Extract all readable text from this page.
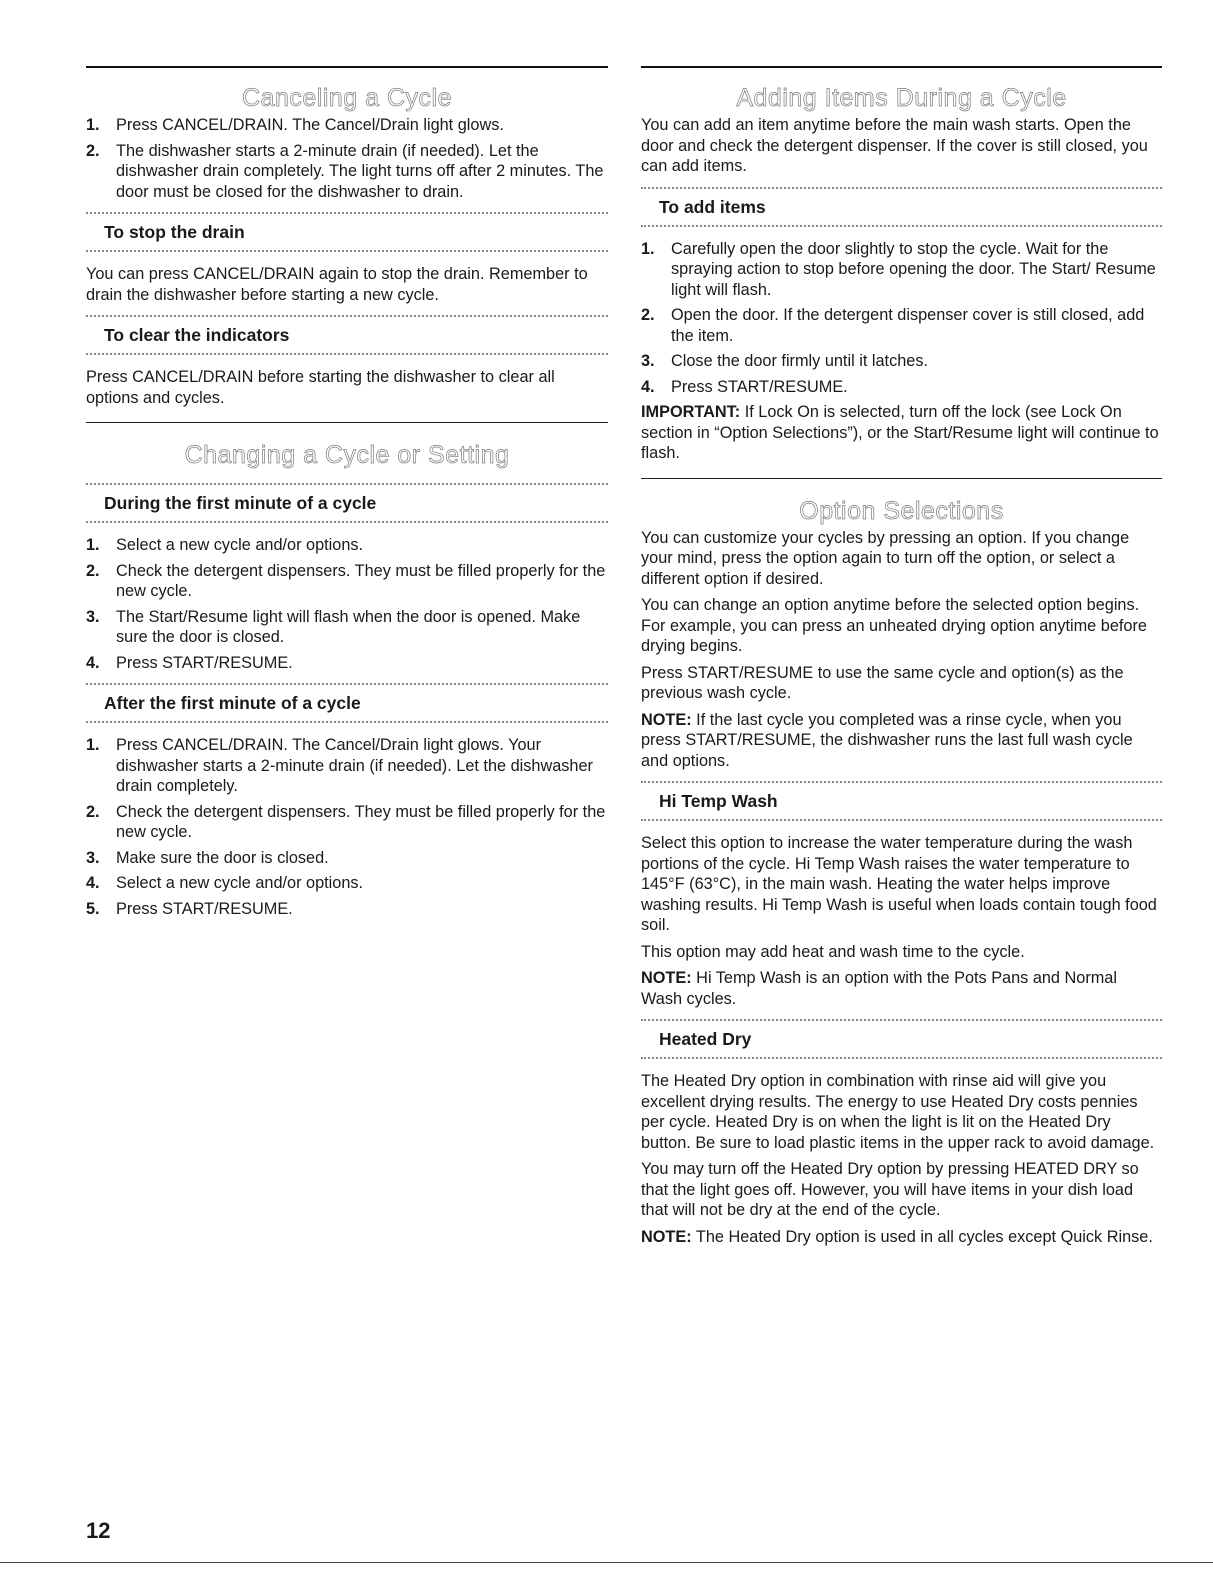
Canceling a Cycle
1. Press CANCEL/DRAIN. The Cancel/Drain light glows.
2. The dishwasher starts a 2-minute drain (if needed). Let the dishwasher drain completely. The light turns off after 2 minutes. The door must be closed for the dishwasher to drain.
To stop the drain

You can press CANCEL/DRAIN again to stop the drain. Remember to drain the dishwasher before starting a new cycle.

To clear the indicators

Press CANCEL/DRAIN before starting the dishwasher to clear all options and cycles.

Changing a Cycle or Setting
During the first minute of a cycle
1. Select a new cycle and/or options.
2. Check the detergent dispensers. They must be filled properly for the new cycle.
3. The Start/Resume light will flash when the door is opened. Make sure the door is closed.
4. Press START/RESUME.
After the first minute of a cycle
1. Press CANCEL/DRAIN. The Cancel/Drain light glows. Your dishwasher starts a 2-minute drain (if needed). Let the dishwasher drain completely.
2. Check the detergent dispensers. They must be filled properly for the new cycle.
3. Make sure the door is closed.
4. Select a new cycle and/or options.
5. Press START/RESUME.
Adding Items During a Cycle

You can add an item anytime before the main wash starts. Open the door and check the detergent dispenser. If the cover is still closed, you can add items.

To add items
1. Carefully open the door slightly to stop the cycle. Wait for the spraying action to stop before opening the door. The Start/ Resume light will flash.
2. Open the door. If the detergent dispenser cover is still closed, add the item.
3. Close the door firmly until it latches.
4. Press START/RESUME.

IMPORTANT: If Lock On is selected, turn off the lock (see Lock On section in “Option Selections”), or the Start/Resume light will continue to flash.

Option Selections

You can customize your cycles by pressing an option. If you change your mind, press the option again to turn off the option, or select a different option if desired.

You can change an option anytime before the selected option begins. For example, you can press an unheated drying option anytime before drying begins.

Press START/RESUME to use the same cycle and option(s) as the previous wash cycle.

NOTE: If the last cycle you completed was a rinse cycle, when you press START/RESUME, the dishwasher runs the last full wash cycle and options.

Hi Temp Wash

Select this option to increase the water temperature during the wash portions of the cycle. Hi Temp Wash raises the water temperature to 145°F (63°C), in the main wash. Heating the water helps improve washing results. Hi Temp Wash is useful when loads contain tough food soil.

This option may add heat and wash time to the cycle.

NOTE: Hi Temp Wash is an option with the Pots Pans and Normal Wash cycles.

Heated Dry

The Heated Dry option in combination with rinse aid will give you excellent drying results. The energy to use Heated Dry costs pennies per cycle. Heated Dry is on when the light is lit on the Heated Dry button. Be sure to load plastic items in the upper rack to avoid damage.

You may turn off the Heated Dry option by pressing HEATED DRY so that the light goes off. However, you will have items in your dish load that will not be dry at the end of the cycle.

NOTE: The Heated Dry option is used in all cycles except Quick Rinse.

12
